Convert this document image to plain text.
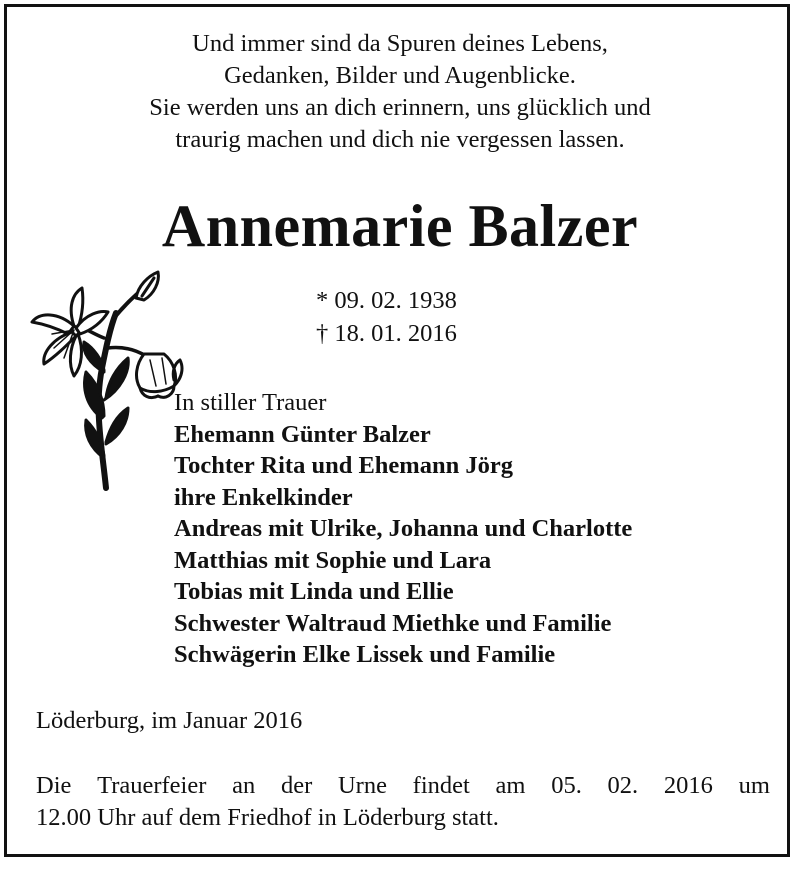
Und immer sind da Spuren deines Lebens,
Gedanken, Bilder und Augenblicke.
Sie werden uns an dich erinnern, uns glücklich und
traurig machen und dich nie vergessen lassen.
Annemarie Balzer
* 09. 02. 1938
† 18. 01. 2016
In stiller Trauer
Ehemann Günter Balzer
Tochter Rita und Ehemann Jörg
ihre Enkelkinder
Andreas mit Ulrike, Johanna und Charlotte
Matthias mit Sophie und Lara
Tobias mit Linda und Ellie
Schwester Waltraud Miethke und Familie
Schwägerin Elke Lissek und Familie
Löderburg, im Januar 2016
Die Trauerfeier an der Urne findet am 05. 02. 2016 um
12.00 Uhr auf dem Friedhof in Löderburg statt.
